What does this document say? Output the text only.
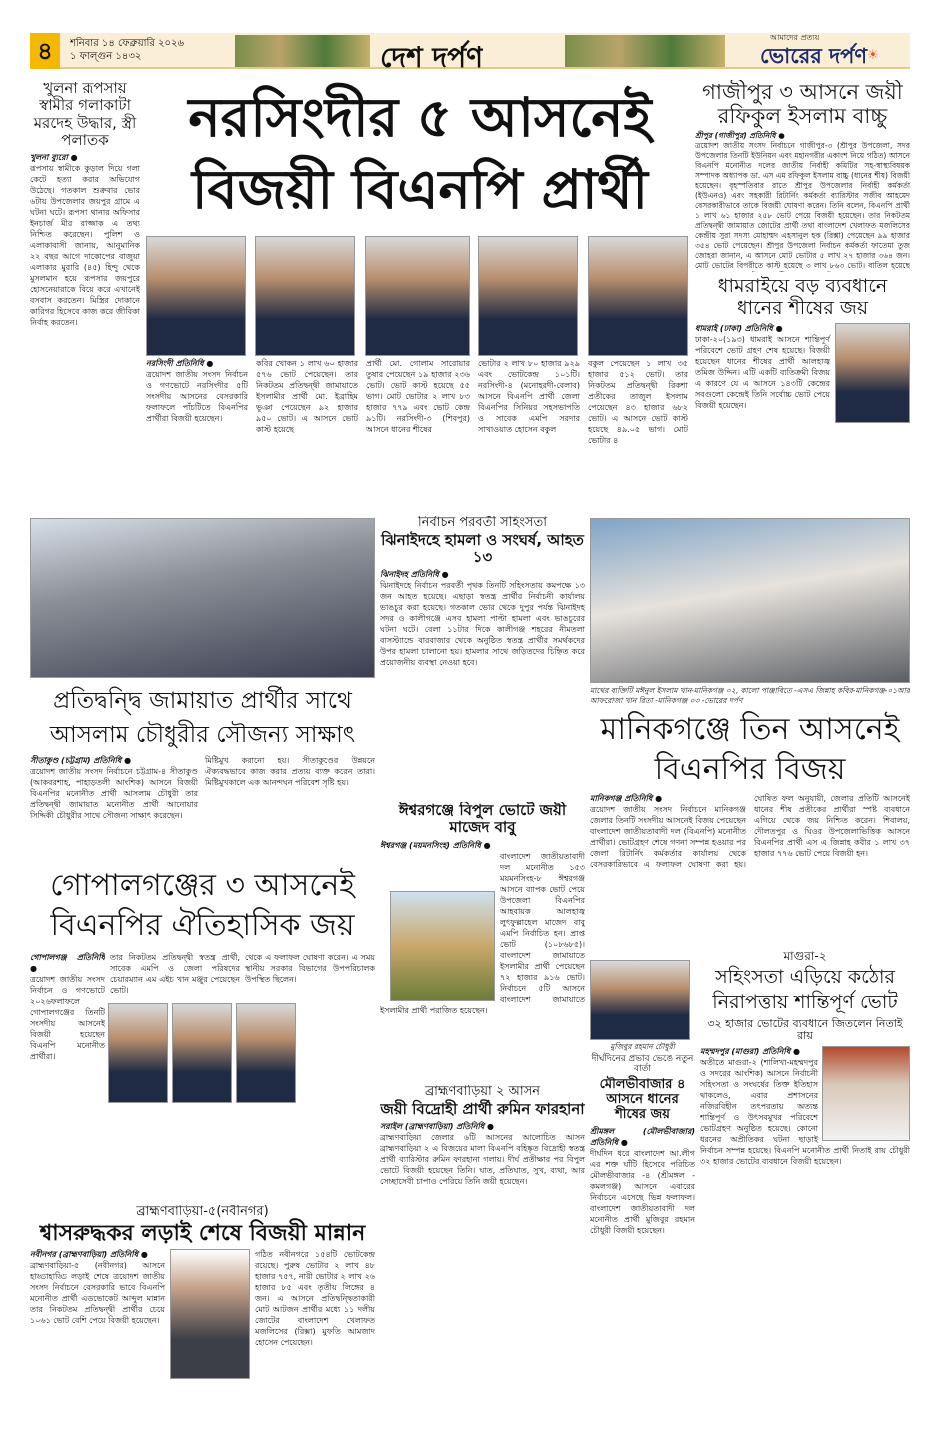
৪	শনিবার ১৪ ফেব্রুয়ারি ২০২৬
১ ফাল্গুন ১৪৩২	দেশ দর্পণ
আমাদের প্রত্যয়
ভোরের দর্পণ☀
খুলনা রূপসায় স্বামীর গলাকাটা মরদেহ উদ্ধার, স্ত্রী পলাতক
খুলনা ব্যুরো ●
রূপসায় স্বামীকে কুড়াল দিয়ে গলা কেটে হত্যা করার অভিযোগ উঠেছে। গতকাল শুক্রবার ভোর ৬টায় উপজেলার জয়পুর গ্রামে এ ঘটনা ঘটে। রূপসা থানার অফিসার ইনচার্জ মীর রাজ্জাক এ তথ্য নিশ্চিত করেছেন। পুলিশ ও এলাকাবাসী জানায়, আনুমানিক ২২ বছর আগে দাকোপের বাজুয়া এলাকার মুরারি (৪৫) হিন্দু থেকে মুসলমান হয়ে রূপসার জয়পুরে হোসনেয়ারাকে বিয়ে করে এখানেই বসবাস করতেন। মিস্ত্রির দোকানে কারিগর হিসেবে কাজ করে জীবিকা নির্বাহ করতেন।
নরসিংদীর ৫ আসনেই
বিজয়ী বিএনপি প্রার্থী
নরসিংদী প্রতিনিধি ●
ত্রয়োদশ জাতীয় সংসদ নির্বাচন ও গণভোটে নরসিংদীর ৫টি সংসদীয় আসনের বেসরকারি ফলাফলে পাঁচটিতে বিএনপির প্রার্থীরা বিজয়ী হয়েছেন।
কবির খোকন ১ লাখ ৬০ হাজার ৫৭৬ ভোট পেয়েছেন। তার নিকটতম প্রতিদ্বন্দ্বী জামায়াতে ইসলামীর প্রার্থী মো. ইব্রাহিম ভূঞা পেয়েছেন ৯২ হাজার ৯৫০ ভোট। এ আসনে ভোট কাস্ট হয়েছে
প্রার্থী মো. গোলাম সারোয়ার তুষার পেয়েছেন ১৯ হাজার ২৩৬ ভোট। ভোট কাস্ট হয়েছে ৫৫ ভাগ। মোট ভোটার ২ লাখ ৮৩ হাজার ৭৭৯ এবং ভোট কেন্দ্র ৯১টি। নরসিংদী-৩ (শিবপুর) আসনে ধানের শীষের
ভোটার ২ লাখ ৮০ হাজার ৯২৯ এবং ভোটকেন্দ্র ১০১টি। নরসিংদী-৪ (মনোহরদী-বেলাব) আসনে বিএনপি প্রার্থী জেলা বিএনপির সিনিয়র সহসভাপতি ও সাবেক এমপি সরদার সাখাওয়াত হোসেন বকুল
বকুল পেয়েছেন ১ লাখ ৩৫ হাজার ৫১২ ভোট। তার নিকটতম প্রতিদ্বন্দ্বী রিকশা প্রতীকের তাজুল ইসলাম পেয়েছেন ৪৩ হাজার ৬৮২ ভোট। এ আসনে ভোট কাস্ট হয়েছে ৪৯.০৫ ভাগ। মোট ভোটার ৪
গাজীপুর ৩ আসনে জয়ী রফিকুল ইসলাম বাচ্চু
শ্রীপুর (গাজীপুর) প্রতিনিধি ●
ত্রয়োদশ জাতীয় সংসদ নির্বাচনে গাজীপুর-৩ (শ্রীপুর উপজেলা, সদর উপজেলার তিনটি ইউনিয়ন এবং মহানগরীর একাংশ নিয়ে গঠিত) আসনে বিএনপি মনোনীত দলের জাতীয় নির্বাহী কমিটির সহ-স্বাস্থ্যবিষয়ক সম্পাদক অধ্যাপক ডা. এস এম রফিকুল ইসলাম বাচ্চু (ধানের শীষ) বিজয়ী হয়েছেন। বৃহস্পতিবার রাতে শ্রীপুর উপজেলার নির্বাহী কর্মকর্তা (ইউএনও) এবং সহকারী রিটার্নিং কর্মকর্তা ব্যারিস্টার সজীব আহমেদ বেসরকারীভাবে তাকে বিজয়ী ঘোষণা করেন। তিনি বলেন, বিএনপি প্রার্থী ১ লাখ ৬১ হাজার ২৫৮ ভোট পেয়ে বিজয়ী হয়েছেন। তার নিকটতম প্রতিদ্বন্দ্বী জামায়াত জোটের প্রার্থী তথা বাংলাদেশ খেলাফত মজলিসের কেন্দ্রীয় সুরা সদস্য মোহাম্মদ এহসানুল হক (রিক্সা) পেয়েছেন ৯৯ হাজার ৩৫৪ ভোট পেয়েছেন। শ্রীপুর উপজেলা নির্বাচন কর্মকর্তা ফাতেমা তুজ জোহরা জানান, এ আসনে মোট ভোটার ৫ লাখ ২৭ হাজার ৩৬৪ জন। মোট ভোটের বিপরীতে কাস্ট হয়েছে ৩ লাখ ৮৬৩ ভোট। বাতিল হয়েছে
ধামরাইয়ে বড় ব্যবধানে ধানের শীষের জয়
ধামরাই (ঢাকা) প্রতিনিধি ●
ঢাকা-২০(১৯৩) ধামরাই আসনে শান্তিপূর্ণ পরিবেশে ভোট গ্রহণ শেষ হয়েছে। বিজয়ী হয়েছেন ধানের শীষের প্রার্থী আলহাজ্ব তমিজ উদ্দিন। এটি একটি ব্যতিক্রমী বিজয় এ কারণে যে এ আসনে ১৪৩টি কেন্দ্রের সবগুলো কেন্দ্রেই তিনি সর্বোচ্চ ভোট পেয়ে বিজয়ী হয়েছেন।
নির্বাচন পরবর্তী সহিংসতা
ঝিনাইদহে হামলা ও সংঘর্ষ, আহত ১৩
ঝিনাইদহ প্রতিনিধি ●
ঝিনাইদহে নির্বাচন পরবর্তী পৃথক তিনটি সহিংসতায় কমপক্ষে ১৩ জন আহত হয়েছে। এছাড়া স্বতন্ত্র প্রার্থীর নির্বাচনী কার্যালয় ভাঙচুর করা হয়েছে। গতকাল ভোর থেকে দুপুর পর্যন্ত ঝিনাইদহ সদর ও কালীগঞ্জে এসব হামলা পাল্টা হামলা এবং ভাঙচুরের ঘটনা ঘটে। বেলা ১১টার দিকে কালীগঞ্জ শহরের নীমতলা বাসস্ট্যান্ডে বারবাজার থেকে অনুষ্ঠিত স্বতন্ত্র প্রার্থীর সমর্থকদের উপর হামলা চালানো হয়। হামলার সাথে জড়িতদের চিহ্নিত করে প্রয়োজনীয় ব্যবস্থা নেওয়া হবে।
মাথের ব্যক্তিটি মঈনুল ইসলাম খান-মানিকগঞ্জ ০২, কালো পাঞ্জাবিতে -এসএ জিন্নাহ কবির-মানিকগঞ্জ-০১আর আফরোজা খান রিতা -মানিকগঞ্জ ০৩ -ভোরের দর্পণ
মানিকগঞ্জে তিন আসনেই
বিএনপির বিজয়
মানিকগঞ্জ প্রতিনিধি ●
ত্রয়োদশ জাতীয় সংসদ নির্বাচনে মানিকগঞ্জ জেলার তিনটি সংসদীয় আসনেই বিজয় পেয়েছেন বাংলাদেশ জাতীয়তাবাদী দল (বিএনপি) মনোনীত প্রার্থীরা। ভোটগ্রহণ শেষে গণনা সম্পন্ন হওয়ার পর জেলা রিটার্নিং কর্মকর্তার কার্যালয় থেকে বেসরকারিভাবে এ ফলাফল ঘোষণা করা হয়। ঘোষিত ফল অনুযায়ী, জেলার প্রতিটি আসনেই ধানের শীষ প্রতীকের প্রার্থীরা স্পষ্ট ব্যবধানে এগিয়ে থেকে জয় নিশ্চিত করেন। শিবালয়, দৌলতপুর ও ঘিওর উপজেলাভিত্তিক আসনে বিএনপির প্রার্থী এস এ জিন্নাহ কবীর ১ লাখ ৩৭ হাজার ৭৭৬ ভোট পেয়ে বিজয়ী হন।
প্রতিদ্বন্দ্বি জামায়াত প্রার্থীর সাথে
আসলাম চৌধুরীর সৌজন্য সাক্ষাৎ
সীতাকুণ্ড (চট্টগ্রাম) প্রতিনিধি ●
ত্রয়োদশ জাতীয় সংসদ নির্বাচনে চট্টগ্রাম-৪ সীতাকুণ্ড (আকবরশাহ, পাহাড়তলী আংশিক) আসনে বিজয়ী বিএনপির মনোনীত প্রার্থী আসলাম চৌধুরী তার প্রতিদ্বন্দ্বী জামায়াত মনোনীত প্রার্থী আনোয়ার সিদ্দিকী চৌধুরীর সাথে সৌজন্য সাক্ষাৎ করেছেন।
মিষ্টিমুখ করানো হয়। সীতাকুণ্ডের উন্নয়নে ঐক্যবদ্ধভাবে কাজ করার প্রত্যয় ব্যক্ত করেন তারা। মিষ্টিমুখকালে এক আনন্দঘন পরিবেশ সৃষ্টি হয়।
ঈশ্বরগঞ্জে বিপুল ভোটে জয়ী মাজেদ বাবু
ঈশ্বরগঞ্জ (ময়মনসিংহ) প্রতিনিধি ●

বাংলাদেশ জাতীয়তাবাদী দল মনোনীত ১৫৩ ময়মনসিংহ-৮ ঈশ্বরগঞ্জ আসনে ব্যাপক ভোট পেয়ে উপজেলা বিএনপির আহবায়ক আলহাজ্ব লুৎফুল্লাহেল মাজেদ বাবু এমপি নির্বাচিত হন। প্রাপ্ত ভোট (১০৮৬৮৫)। বাংলাদেশ জামায়াতে ইসলামীর প্রার্থী পেয়েছেন ৭২ হাজার ৯১৬ ভোট। নির্বাচনে ৫টি আসনে বাংলাদেশ জামায়াতে ইসলামীর প্রার্থী পরাজিত হয়েছেন।
গোপালগঞ্জের ৩ আসনেই
বিএনপির ঐতিহাসিক জয়
গোপালগঞ্জ প্রতিনিধি ●
ত্রয়োদশ জাতীয় সংসদ নির্বাচন ও গণভোটে ২০২৬ফলাফলে গোপালগঞ্জের তিনটি সংসদীয় আসনেই বিজয়ী হয়েছেন বিএনপি মনোনীত প্রার্থীরা।
তার নিকটতম প্রতিদ্বন্দ্বী স্বতন্ত্র প্রার্থী, সাবেক এমপি ও জেলা পরিষদের চেয়ারম্যান এম এইচ খান মঞ্জুর পেয়েছেন ভোট।
থেকে এ ফলাফল ঘোষণা করেন। এ সময় স্থানীয় সরকার বিভাগের উপপরিচালক উপস্থিত ছিলেন।
মুজিবুর রহমান চৌধুরী
দীর্ঘদিনের প্রভাব ভেঙে নতুন বার্তা
মৌলভীবাজার ৪ আসনে ধানের শীষের জয়
শ্রীমঙ্গল (মৌলভীবাজার) প্রতিনিধি ●
দীর্ঘদিন ধরে বাংলাদেশ আ.লীগ এর শক্ত ঘাঁটি হিসেবে পরিচিত মৌলভীবাজার -৪ (শ্রীমঙ্গল - কমলগঞ্জ) আসনে এবারের নির্বাচনে এসেছে ভিন্ন ফলাফল। বাংলাদেশ জাতীয়তাবাদী দল মনোনীত প্রার্থী মুজিবুর রহমান চৌধুরী বিজয়ী হয়েছেন।
মাগুরা-২
সহিংসতা এড়িয়ে কঠোর নিরাপত্তায় শান্তিপূর্ণ ভোট
৩২ হাজার ভোটের ব্যবধানে জিতলেন নিতাই রায়
মহম্মদপুর (মাগুরা) প্রতিনিধি ●
অতীতে মাগুরা-২ (শালিখা-মহম্মদপুর ও সদরের আংশিক) আসনে নির্বাচনী সহিংসতা ও সংঘর্ষের তিক্ত ইতিহাস থাকলেও, এবার প্রশাসনের নজিরবিহীন তৎপরতায় অত্যন্ত শান্তিপূর্ণ ও উৎসবমুখর পরিবেশে ভোটগ্রহণ অনুষ্ঠিত হয়েছে। কোনো ধরনের অপ্রীতিকর ঘটনা ছাড়াই নির্বাচন সম্পন্ন হয়েছে। বিএনপি মনোনীত প্রার্থী নিতাই রায় চৌধুরী ৩২ হাজার ভোটের ব্যবধানে বিজয়ী হয়েছেন।
ব্রাহ্মণবাড়িয়া ২ আসন
জয়ী বিদ্রোহী প্রার্থী রুমিন ফারহানা
সরাইল (ব্রাহ্মণবাড়িয়া) প্রতিনিধি ●
ব্রাহ্মণবাড়িয়া জেলার ৬টি আসনের আলোচিত আসন ব্রাহ্মণবাড়িয়া ২ এ বিজয়ের মালা বিএনপি বহিষ্কৃত বিদ্রোহী স্বতন্ত্র প্রার্থী ব্যারিস্টার রুমিন ফারহানা গলায়। দীর্ঘ প্রতীক্ষার পর বিপুল ভোটে বিজয়ী হয়েছেন তিনি। ঘাত, প্রতিঘাত, সুখ, ব্যথা, আর সেচ্ছাসেবী চাপাও পেরিয়ে তিনি জয়ী হয়েছেন।
ব্রাহ্মণবাড়িয়া-৫(নবীনগর)
শ্বাসরুদ্ধকর লড়াই শেষে বিজয়ী মান্নান
নবীনগর (ব্রাহ্মণবাড়িয়া) প্রতিনিধি ●
ব্রাহ্মণবাড়িয়া-৫ (নবীনগর) আসনে হাড্ডাহাড্ডি লড়াই শেষে ত্রয়োদশ জাতীয় সংসদ নির্বাচনে বেসরকারি ভাবে বিএনপি মনোনীত প্রার্থী এডভোকেট আব্দুল মান্নান তার নিকটতম প্রতিদ্বন্দ্বী প্রার্থীর চেয়ে ১০৬১ ভোট বেশি পেয়ে বিজয়ী হয়েছেন।
গঠিত নবীনগরে ১৫৪টি ভোটকেন্দ্র রয়েছে। পুরুষ ভোটার ২ লাখ ৪৮ হাজার ৭৫৭, নারী ভোটার ২ লাখ ২৬ হাজার ৮৫ এবং তৃতীয় লিঙ্গের ৪ জন। এ আসনে প্রতিদ্বন্দ্বিতাকারী মোট আটজন প্রার্থীর মধ্যে ১১ দলীয় জোটের বাংলাদেশ খেলাফত মজলিসের (রিক্সা) মুফতি আমজাদ হোসেন পেয়েছেন।
